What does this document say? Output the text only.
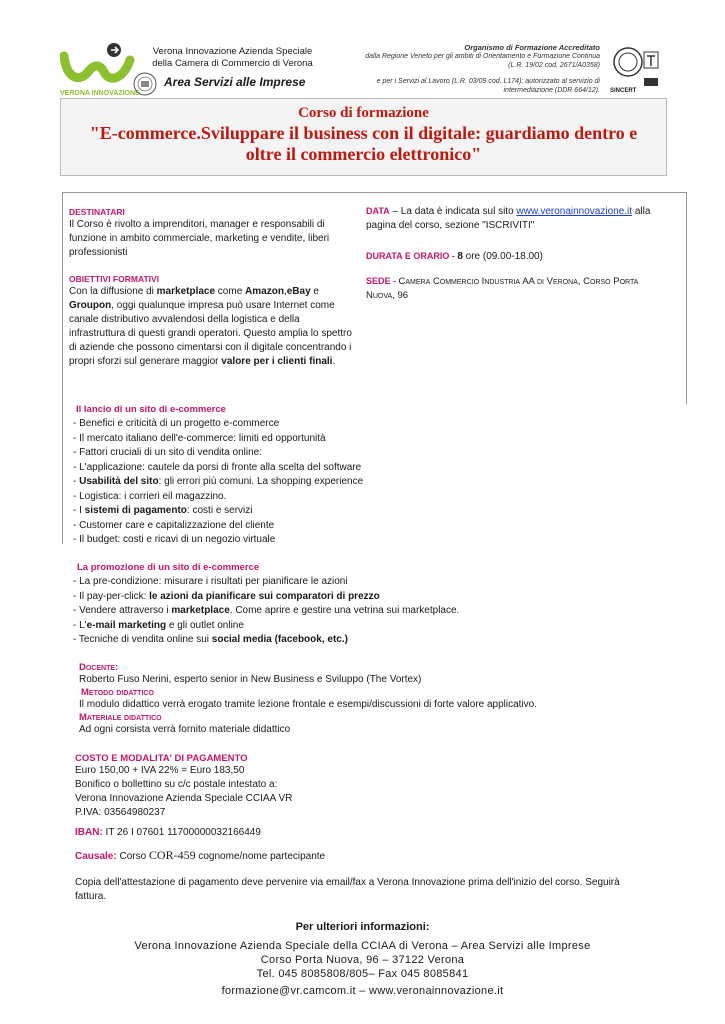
VERONA INNOVAZIONE
Verona Innovazione Azienda Speciale
della Camera di Commercio di Verona
Area Servizi alle Imprese
Organismo di Formazione Accreditato
dalla Regione Veneto per gli ambiti di Orientamento e Formazione Continua
(L.R. 19/02 cod. 2671/A0358)
e per i Servizi al Lavoro (L.R. 03/09 cod. L174); autorizzato al servizio di
intermediazione (DDR 664/12). SINCERT
Corso di formazione
"E-commerce.Sviluppare il business con il digitale: guardiamo dentro e oltre il commercio elettronico"
DESTINATARI
Il Corso è rivolto a imprenditori, manager e responsabili di funzione in ambito commerciale, marketing e vendite, liberi professionisti
OBIETTIVI FORMATIVI
Con la diffusione di marketplace come Amazon,eBay e Groupon, oggi qualunque impresa può usare Internet come canale distributivo avvalendosi della logistica e della infrastruttura di questi grandi operatori. Questo amplia lo spettro di aziende che possono cimentarsi con il digitale concentrando i propri sforzi sul generare maggior valore per i clienti finali.
DATA – La data è indicata sul sito www.veronainnovazione.it alla pagina del corso, sezione "ISCRIVITI"
DURATA E ORARIO - 8 ore (09.00-18.00)
SEDE - Camera Commercio Industria AA di Verona, Corso Porta Nuova, 96
Il lancio di un sito di e-commerce
- Benefici e criticità di un progetto e-commerce
- Il mercato italiano dell'e-commerce: limiti ed opportunità
- Fattori cruciali di un sito di vendita online:
- L'applicazione: cautele da porsi di fronte alla scelta del software
- Usabilità del sito: gli errori più comuni. La shopping experience
- Logistica: i corrieri eil magazzino.
- I sistemi di pagamento: costi e servizi
- Customer care e capitalizzazione del cliente
- Il budget: costi e ricavi di un negozio virtuale
La promozione di un sito di e-commerce
- La pre-condizione: misurare i risultati per pianificare le azioni
- Il pay-per-click: le azioni da pianificare sui comparatori di prezzo
- Vendere attraverso i marketplace. Come aprire e gestire una vetrina sui marketplace.
- L'e-mail marketing e gli outlet online
- Tecniche di vendita online sui social media (facebook, etc.)
Docente:
Roberto Fuso Nerini, esperto senior in New Business e Sviluppo (The Vortex)
Metodo didattico
Il modulo didattico verrà erogato tramite lezione frontale e esempi/discussioni di forte valore applicativo.
Materiale didattico
Ad ogni corsista verrà fornito materiale didattico
COSTO E MODALITA' DI PAGAMENTO
Euro 150,00 + IVA 22% = Euro 183,50
Bonifico o bollettino su c/c postale intestato a:
Verona Innovazione Azienda Speciale CCIAA VR
P.IVA: 03564980237
IBAN: IT 26 I 07601 11700000032166449
Causale: Corso COR-459 cognome/nome partecipante
Copia dell'attestazione di pagamento deve pervenire via email/fax a Verona Innovazione prima dell'inizio del corso. Seguirà fattura.
Per ulteriori informazioni:
Verona Innovazione Azienda Speciale della CCIAA di Verona – Area Servizi alle Imprese
Corso Porta Nuova, 96 – 37122 Verona
Tel. 045 8085808/805– Fax 045 8085841
formazione@vr.camcom.it – www.veronainnovazione.it
